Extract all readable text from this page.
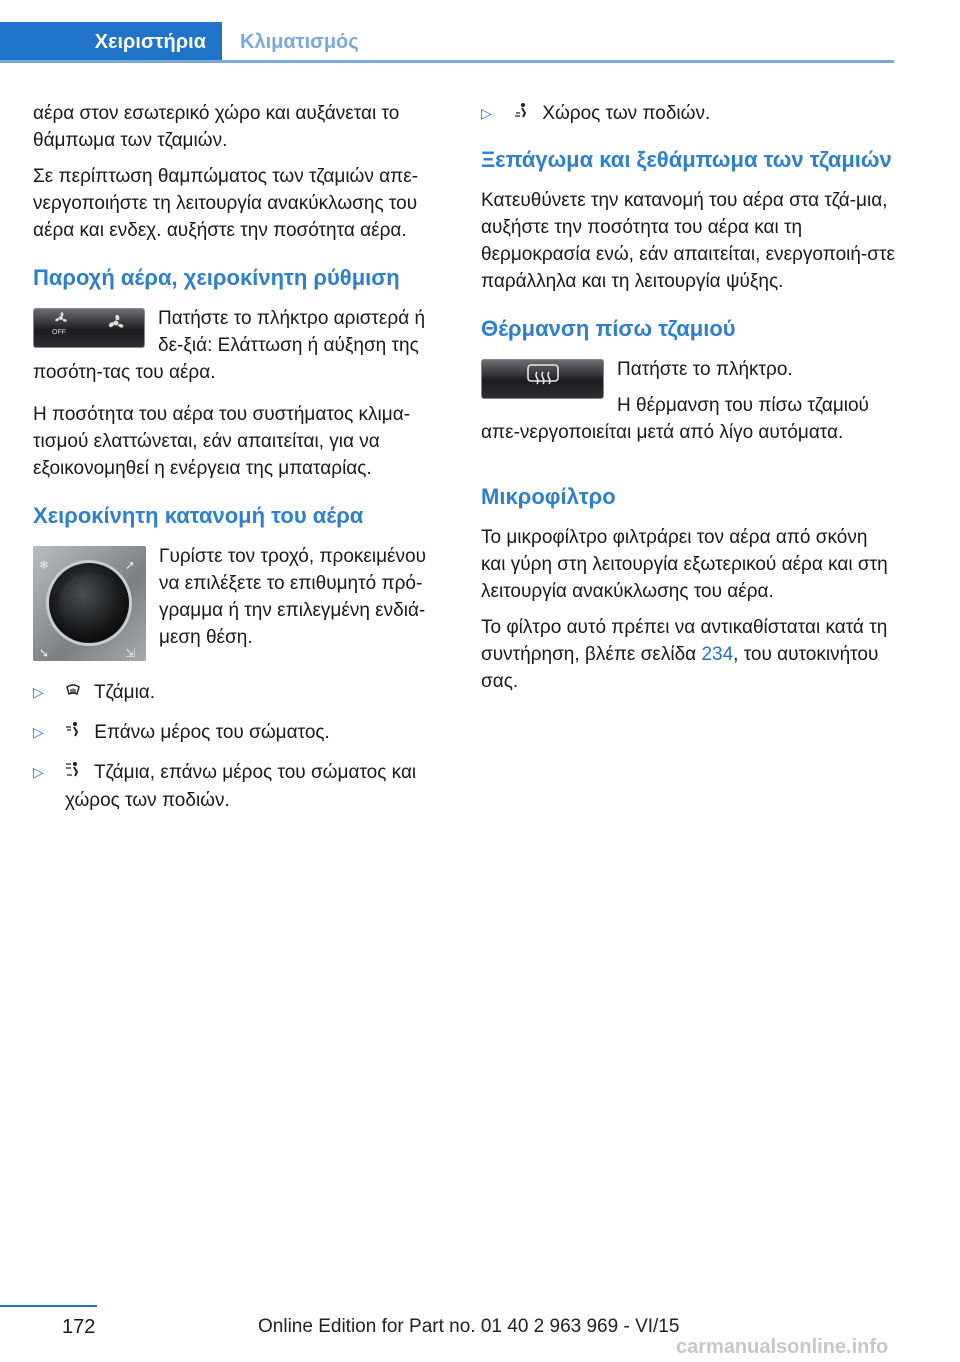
Χειριστήρια	Κλιματισμός

αέρα στον εσωτερικό χώρο και αυξάνεται το θάμπωμα των τζαμιών.

Σε περίπτωση θαμπώματος των τζαμιών απε-νεργοποιήστε τη λειτουργία ανακύκλωσης του αέρα και ενδεχ. αυξήστε την ποσότητα αέρα.

Παροχή αέρα, χειροκίνητη ρύθμιση
OFF

Πατήστε το πλήκτρο αριστερά ή δε-ξιά: Ελάττωση ή αύξηση της ποσότη-τας του αέρα.

Η ποσότητα του αέρα του συστήματος κλιμα-τισμού ελαττώνεται, εάν απαιτείται, για να εξοικονομηθεί η ενέργεια της μπαταρίας.

Χειροκίνητη κατανομή του αέρα
❄	➚
➘	⇲

Γυρίστε τον τροχό, προκειμένου να επιλέξετε το επιθυμητό πρό-γραμμα ή την επιλεγμένη ενδιά-μεση θέση.

▷	Τζάμια.
▷	Επάνω μέρος του σώματος.
▷	Τζάμια, επάνω μέρος του σώματος και χώρος των ποδιών.
▷	Χώρος των ποδιών.
Ξεπάγωμα και ξεθάμπωμα των τζαμιών

Κατευθύνετε την κατανομή του αέρα στα τζά-μια, αυξήστε την ποσότητα του αέρα και τη θερμοκρασία ενώ, εάν απαιτείται, ενεργοποιή-στε παράλληλα και τη λειτουργία ψύξης.

Θέρμανση πίσω τζαμιού

Πατήστε το πλήκτρο.

Η θέρμανση του πίσω τζαμιού απε-νεργοποιείται μετά από λίγο αυτόματα.

Μικροφίλτρο

Το μικροφίλτρο φιλτράρει τον αέρα από σκόνη και γύρη στη λειτουργία εξωτερικού αέρα και στη λειτουργία ανακύκλωσης του αέρα.

Το φίλτρο αυτό πρέπει να αντικαθίσταται κατά τη συντήρηση, βλέπε σελίδα 234, του αυτοκινήτου σας.

172	Online Edition for Part no. 01 40 2 963 969 - VI/15
carmanualsonline.info
